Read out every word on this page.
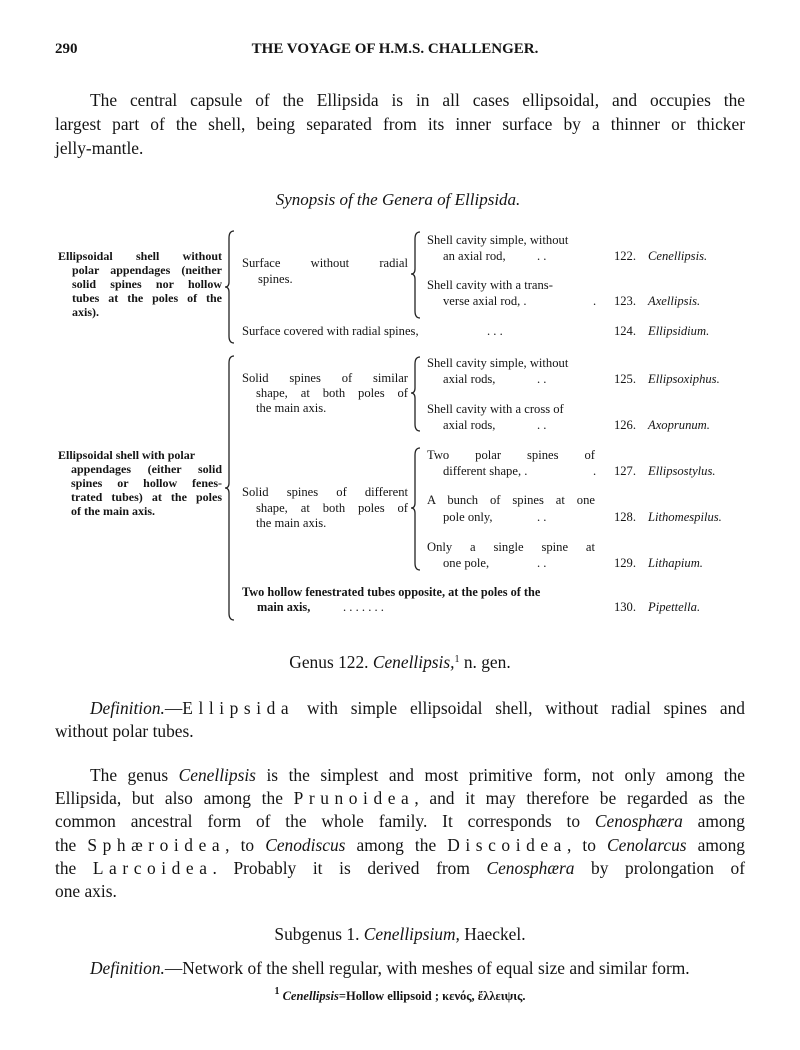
290	THE VOYAGE OF H.M.S. CHALLENGER.
The central capsule of the Ellipsida is in all cases ellipsoidal, and occupies the
largest part of the shell, being separated from its inner surface by a thinner or thicker
jelly-mantle.
Definition.—Ellipsida with simple ellipsoidal shell, without radial spines and
without polar tubes.
The genus Cenellipsis is the simplest and most primitive form, not only among the
Ellipsida, but also among the Prunoidea, and it may therefore be regarded as the
common ancestral form of the whole family. It corresponds to Cenosphæra among
the Sphæroidea, to Cenodiscus among the Discoidea, to Cenolarcus among
the Larcoidea. Probably it is derived from Cenosphæra by prolongation of
one axis.
Definition.—Network of the shell regular, with meshes of equal size and similar form.
Genus 122. Cenellipsis,$^1$ n. gen.
Subgenus 1. Cenellipsium, Haeckel.
Synopsis of the Genera of Ellipsida.
Ellipsoidal shell without
polar appendages (neither
solid spines nor hollow
tubes at the poles of the
axis).
Surface without radial
spines.
Shell cavity simple, without
an axial rod, . .	122. Cenellipsis.
Shell cavity with a trans-
verse axial rod, .	.	123. Axellipsis.
Surface covered with radial spines,	. . .	124. Ellipsidium.
Ellipsoidal shell with polar
appendages (either solid
spines or hollow fenes-
trated tubes) at the poles
of the main axis.
Solid spines of similar
shape, at both poles of
the main axis.
Shell cavity simple, without
axial rods,	. .	125. Ellipsoxiphus.
Shell cavity with a cross of
axial rods,	. .	126. Axoprunum.
Solid spines of different
shape, at both poles of
the main axis.
Two polar spines of
different shape, .	.	127. Ellipsostylus.
A bunch of spines at one
pole only,	. .	128. Lithomespilus.
Only a single spine at
one pole,	. .	129. Lithapium.
Two hollow fenestrated tubes opposite, at the poles of the
main axis,	. . . . . . .	130. Pipettella.
$^1$ Cenellipsis=Hollow ellipsoid ; κενός, ἔλλειψις.
